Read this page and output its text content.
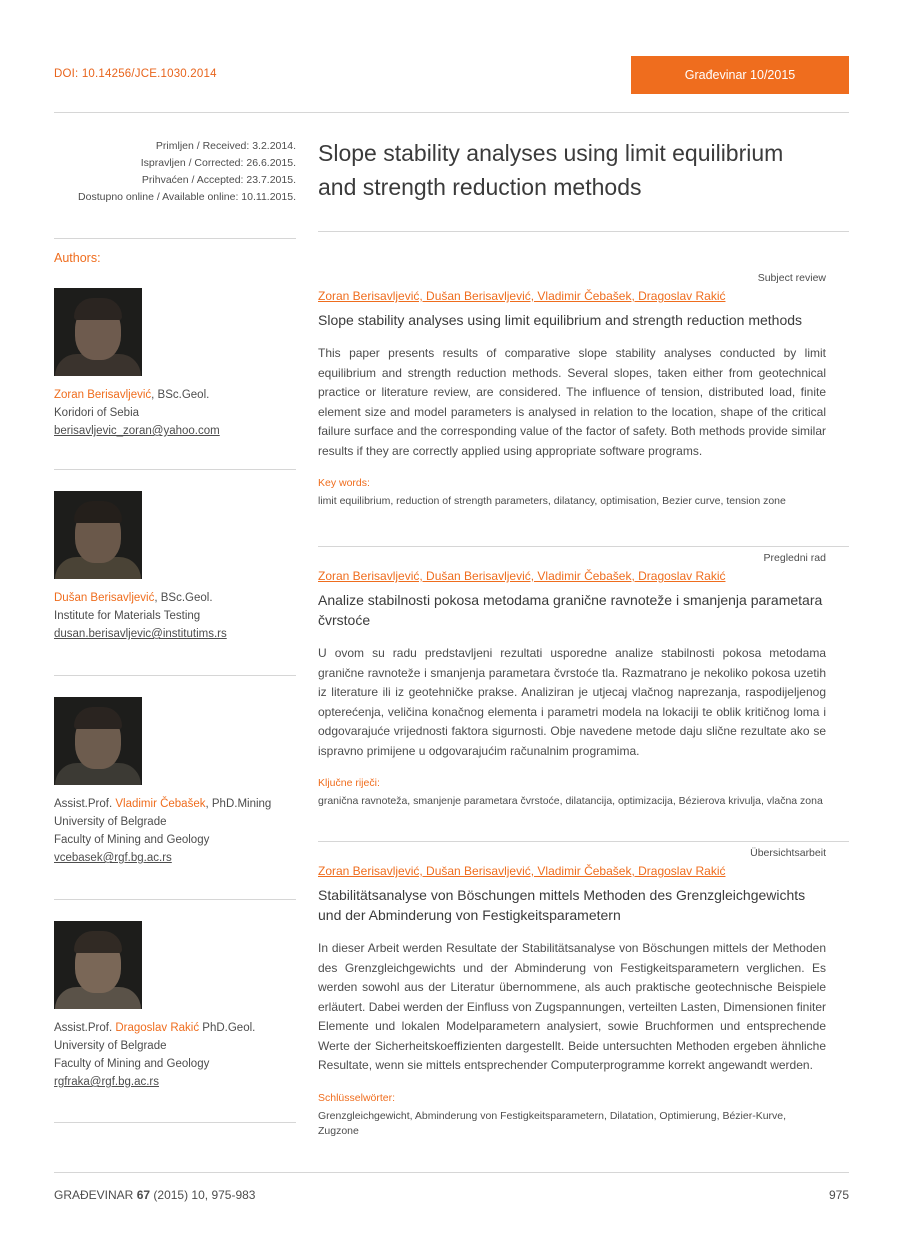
DOI: 10.14256/JCE.1030.2014	Građevinar 10/2015
Primljen / Received: 3.2.2014.
Ispravljen / Corrected: 26.6.2015.
Prihvaćen / Accepted: 23.7.2015.
Dostupno online / Available online: 10.11.2015.
Slope stability analyses using limit equilibrium and strength reduction methods
Authors:
Zoran Berisavljević, BSc.Geol.
Koridori of Sebia
berisavljevic_zoran@yahoo.com
Dušan Berisavljević, BSc.Geol.
Institute for Materials Testing
dusan.berisavljevic@institutims.rs
Assist.Prof. Vladimir Čebašek, PhD.Mining
University of Belgrade
Faculty of Mining and Geology
vcebasek@rgf.bg.ac.rs
Assist.Prof. Dragoslav Rakić PhD.Geol.
University of Belgrade
Faculty of Mining and Geology
rgfraka@rgf.bg.ac.rs
Subject review
Zoran Berisavljević, Dušan Berisavljević, Vladimir Čebašek, Dragoslav Rakić
Slope stability analyses using limit equilibrium and strength reduction methods
This paper presents results of comparative slope stability analyses conducted by limit equilibrium and strength reduction methods. Several slopes, taken either from geotechnical practice or literature review, are considered. The influence of tension, distributed load, finite element size and model parameters is analysed in relation to the location, shape of the critical failure surface and the corresponding value of the factor of safety. Both methods provide similar results if they are correctly applied using appropriate software programs.
Key words:
limit equilibrium, reduction of strength parameters, dilatancy, optimisation, Bezier curve, tension zone
Pregledni rad
Zoran Berisavljević, Dušan Berisavljević, Vladimir Čebašek, Dragoslav Rakić
Analize stabilnosti pokosa metodama granične ravnoteže i smanjenja parametara čvrstoće
U ovom su radu predstavljeni rezultati usporedne analize stabilnosti pokosa metodama granične ravnoteže i smanjenja parametara čvrstoće tla. Razmatrano je nekoliko pokosa uzetih iz literature ili iz geotehničke prakse. Analiziran je utjecaj vlačnog naprezanja, raspodijeljenog opterećenja, veličina konačnog elementa i parametri modela na lokaciji te oblik kritičnog loma i odgovarajuće vrijednosti faktora sigurnosti. Obje navedene metode daju slične rezultate ako se ispravno primijene u odgovarajućim računalnim programima.
Ključne riječi:
granična ravnoteža, smanjenje parametara čvrstoće, dilatancija, optimizacija, Bézierova krivulja, vlačna zona
Übersichtsarbeit
Zoran Berisavljević, Dušan Berisavljević, Vladimir Čebašek, Dragoslav Rakić
Stabilitätsanalyse von Böschungen mittels Methoden des Grenzgleichgewichts und der Abminderung von Festigkeitsparametern
In dieser Arbeit werden Resultate der Stabilitätsanalyse von Böschungen mittels der Methoden des Grenzgleichgewichts und der Abminderung von Festigkeitsparametern verglichen. Es werden sowohl aus der Literatur übernommene, als auch praktische geotechnische Beispiele erläutert. Dabei werden der Einfluss von Zugspannungen, verteilten Lasten, Dimensionen finiter Elemente und lokalen Modelparametern analysiert, sowie Bruchformen und entsprechende Werte der Sicherheitskoeffizienten dargestellt. Beide untersuchten Methoden ergeben ähnliche Resultate, wenn sie mittels entsprechender Computerprogramme korrekt angewandt werden.
Schlüsselwörter:
Grenzgleichgewicht, Abminderung von Festigkeitsparametern, Dilatation, Optimierung, Bézier-Kurve, Zugzone
GRAĐEVINAR 67 (2015) 10, 975-983	975
